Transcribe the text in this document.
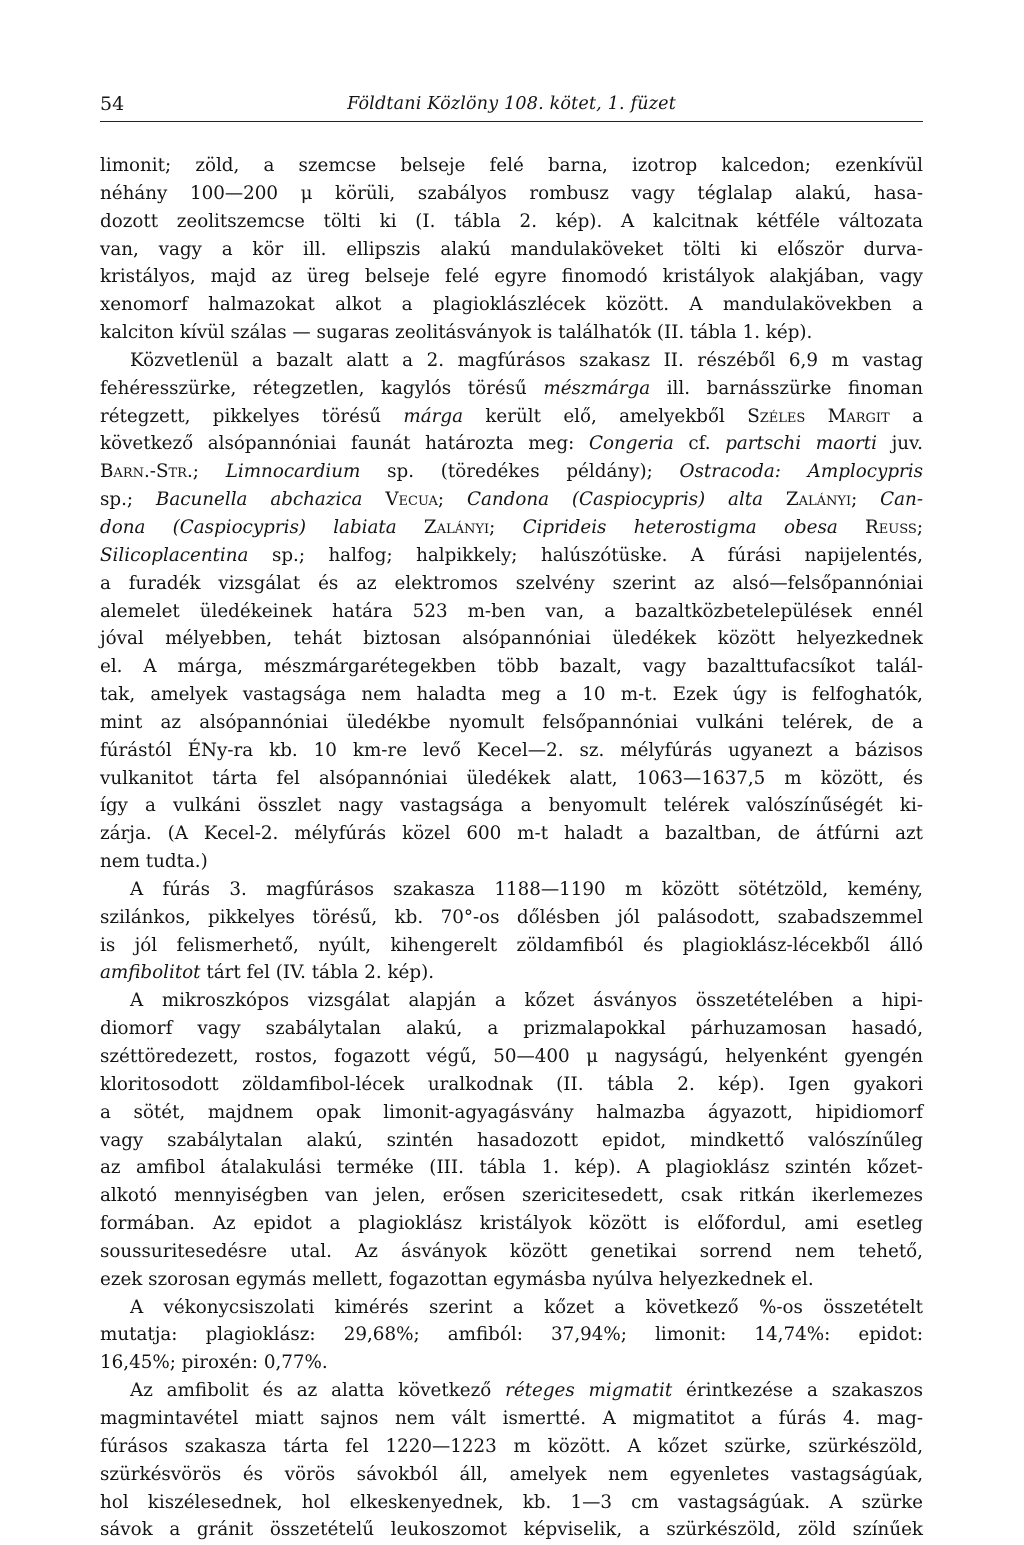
54	Földtani Közlöny 108. kötet, 1. füzet
limonit; zöld, a szemcse belseje felé barna, izotrop kalcedon; ezenkívül
néhány 100—200 μ körüli, szabályos rombusz vagy téglalap alakú, hasa-
dozott zeolitszemcse tölti ki (I. tábla 2. kép). A kalcitnak kétféle változata
van, vagy a kör ill. ellipszis alakú mandulaköveket tölti ki először durva-
kristályos, majd az üreg belseje felé egyre finomodó kristályok alakjában, vagy
xenomorf halmazokat alkot a plagioklászlécek között. A mandulakövekben a
kalciton kívül szálas — sugaras zeolitásványok is találhatók (II. tábla 1. kép).
Közvetlenül a bazalt alatt a 2. magfúrásos szakasz II. részéből 6,9 m vastag
fehéresszürke, rétegzetlen, kagylós törésű mészmárga ill. barnásszürke finoman
rétegzett, pikkelyes törésű márga került elő, amelyekből Széles Margit a
következő alsópannóniai faunát határozta meg: Congeria cf. partschi maorti juv.
Barn.-Str.; Limnocardium sp. (töredékes példány); Ostracoda: Amplocypris
sp.; Bacunella abchazica Vecua; Candona (Caspiocypris) alta Zalányi; Can-
dona (Caspiocypris) labiata Zalányi; Ciprideis heterostigma obesa Reuss;
Silicoplacentina sp.; halfog; halpikkely; halúszótüske. A fúrási napijelentés,
a furadék vizsgálat és az elektromos szelvény szerint az alsó—felsőpannóniai
alemelet üledékeinek határa 523 m-ben van, a bazaltközbetelepülések ennél
jóval mélyebben, tehát biztosan alsópannóniai üledékek között helyezkednek
el. A márga, mészmárgarétegekben több bazalt, vagy bazalttufacsíkot talál-
tak, amelyek vastagsága nem haladta meg a 10 m-t. Ezek úgy is felfoghatók,
mint az alsópannóniai üledékbe nyomult felsőpannóniai vulkáni telérek, de a
fúrástól ÉNy-ra kb. 10 km-re levő Kecel—2. sz. mélyfúrás ugyanezt a bázisos
vulkanitot tárta fel alsópannóniai üledékek alatt, 1063—1637,5 m között, és
így a vulkáni összlet nagy vastagsága a benyomult telérek valószínűségét ki-
zárja. (A Kecel-2. mélyfúrás közel 600 m-t haladt a bazaltban, de átfúrni azt
nem tudta.)
A fúrás 3. magfúrásos szakasza 1188—1190 m között sötétzöld, kemény,
szilánkos, pikkelyes törésű, kb. 70°-os dőlésben jól palásodott, szabadszemmel
is jól felismerhető, nyúlt, kihengerelt zöldamfiból és plagioklász-lécekből álló
amfibolitot tárt fel (IV. tábla 2. kép).
A mikroszkópos vizsgálat alapján a kőzet ásványos összetételében a hipi-
diomorf vagy szabálytalan alakú, a prizmalapokkal párhuzamosan hasadó,
széttöredezett, rostos, fogazott végű, 50—400 μ nagyságú, helyenként gyengén
kloritosodott zöldamfibol-lécek uralkodnak (II. tábla 2. kép). Igen gyakori
a sötét, majdnem opak limonit-agyagásvány halmazba ágyazott, hipidiomorf
vagy szabálytalan alakú, szintén hasadozott epidot, mindkettő valószínűleg
az amfibol átalakulási terméke (III. tábla 1. kép). A plagioklász szintén kőzet-
alkotó mennyiségben van jelen, erősen szericitesedett, csak ritkán ikerlemezes
formában. Az epidot a plagioklász kristályok között is előfordul, ami esetleg
soussuritesedésre utal. Az ásványok között genetikai sorrend nem tehető,
ezek szorosan egymás mellett, fogazottan egymásba nyúlva helyezkednek el.
A vékonycsiszolati kimérés szerint a kőzet a következő %-os összetételt
mutatja: plagioklász: 29,68%; amfiból: 37,94%; limonit: 14,74%: epidot:
16,45%; piroxén: 0,77%.
Az amfibolit és az alatta következő réteges migmatit érintkezése a szakaszos
magmintavétel miatt sajnos nem vált ismertté. A migmatitot a fúrás 4. mag-
fúrásos szakasza tárta fel 1220—1223 m között. A kőzet szürke, szürkészöld,
szürkésvörös és vörös sávokból áll, amelyek nem egyenletes vastagságúak,
hol kiszélesednek, hol elkeskenyednek, kb. 1—3 cm vastagságúak. A szürke
sávok a gránit összetételű leukoszomot képviselik, a szürkészöld, zöld színűek
